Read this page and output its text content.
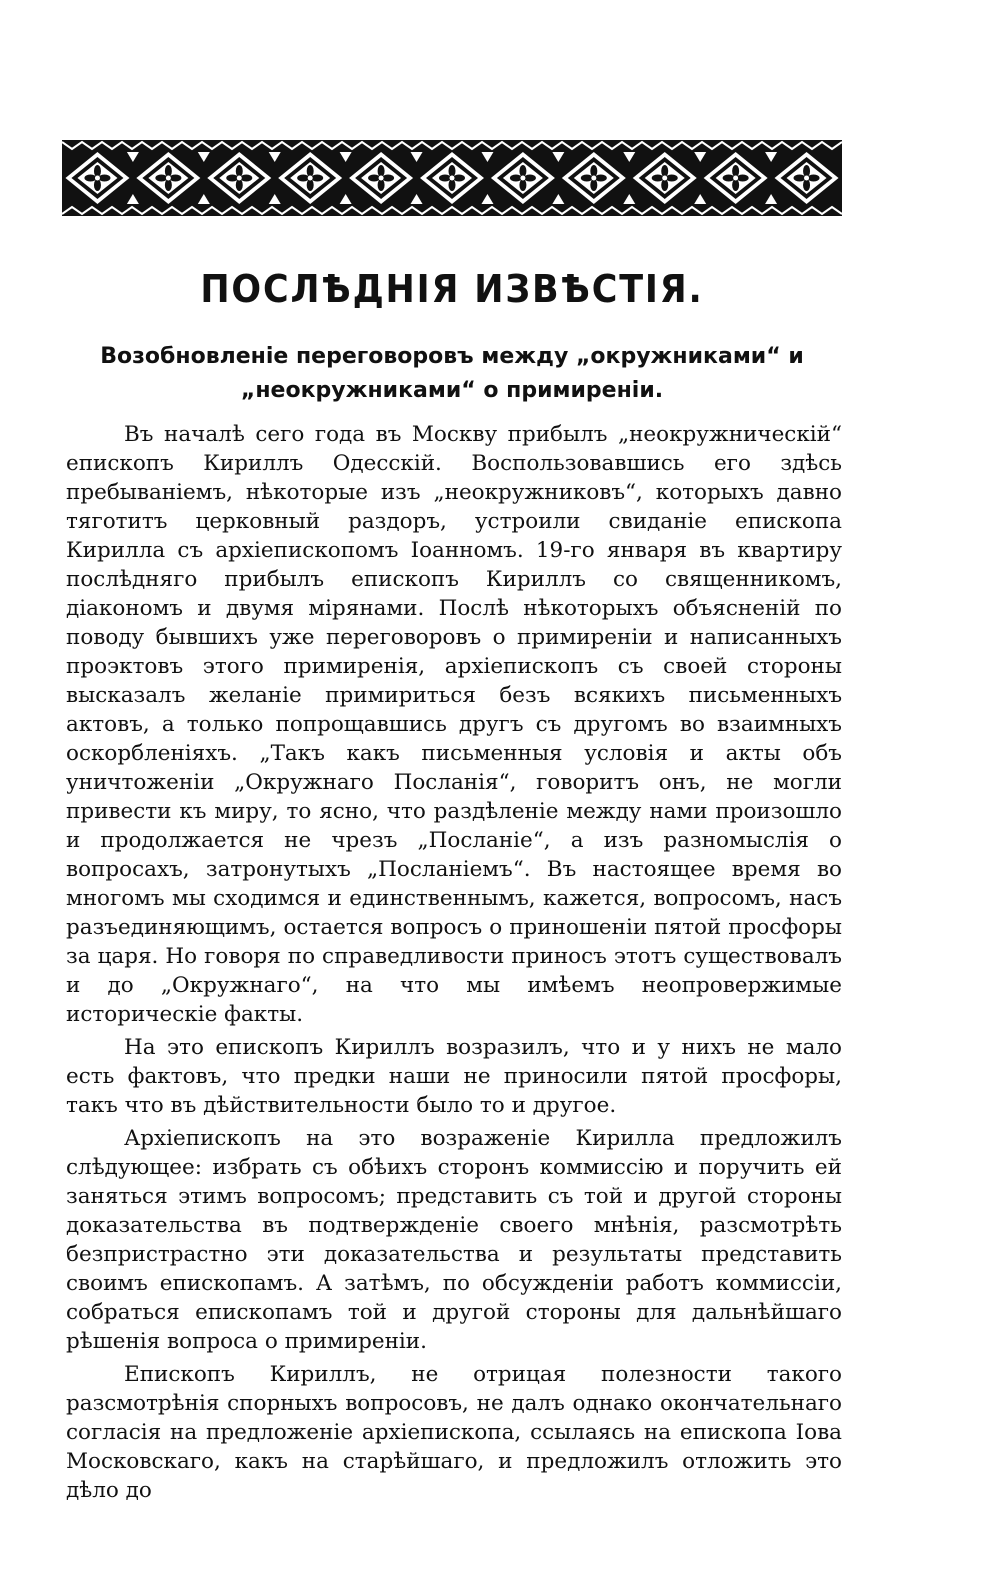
ПОСЛѢДНІЯ ИЗВѢСТІЯ.
Возобновленіе переговоровъ между „окружниками“ и „неокружниками“ о примиреніи.

Въ началѣ сего года въ Москву прибылъ „неокружническій“ епископъ Кириллъ Одесскій. Воспользовавшись его здѣсь пребываніемъ, нѣкоторые изъ „неокружниковъ“, которыхъ давно тяготитъ церковный раздоръ, устроили свиданіе епископа Кирилла съ архіепископомъ Іоанномъ. 19-го января въ квартиру послѣдняго прибылъ епископъ Кириллъ со священникомъ, діакономъ и двумя мірянами. Послѣ нѣкоторыхъ объясненій по поводу бывшихъ уже переговоровъ о примиреніи и написанныхъ проэктовъ этого примиренія, архіепископъ съ своей стороны высказалъ желаніе примириться безъ всякихъ письменныхъ актовъ, а только попрощавшись другъ съ другомъ во взаимныхъ оскорбленіяхъ. „Такъ какъ письменныя условія и акты объ уничтоженіи „Окружнаго Посланія“, говоритъ онъ, не могли привести къ миру, то ясно, что раздѣленіе между нами произошло и продолжается не чрезъ „Посланіе“, а изъ разномыслія о вопросахъ, затронутыхъ „Посланіемъ“. Въ настоящее время во многомъ мы сходимся и единственнымъ, кажется, вопросомъ, насъ разъединяющимъ, остается вопросъ о приношеніи пятой просфоры за царя. Но говоря по справедливости приносъ этотъ существовалъ и до „Окружнаго“, на что мы имѣемъ неопровержимые историческіе факты.

На это епископъ Кириллъ возразилъ, что и у нихъ не мало есть фактовъ, что предки наши не приносили пятой просфоры, такъ что въ дѣйствительности было то и другое.

Архіепископъ на это возраженіе Кирилла предложилъ слѣдующее: избрать съ обѣихъ сторонъ коммиссію и поручить ей заняться этимъ вопросомъ; представить съ той и другой стороны доказательства въ подтвержденіе своего мнѣнія, разсмотрѣть безпристрастно эти доказательства и результаты представить своимъ епископамъ. А затѣмъ, по обсужденіи работъ коммиссіи, собраться епископамъ той и другой стороны для дальнѣйшаго рѣшенія вопроса о примиреніи.

Епископъ Кириллъ, не отрицая полезности такого разсмотрѣнія спорныхъ вопросовъ, не далъ однако окончательнаго согласія на предложеніе архіепископа, ссылаясь на епископа Іова Московскаго, какъ на старѣйшаго, и предложилъ отложить это дѣло до
